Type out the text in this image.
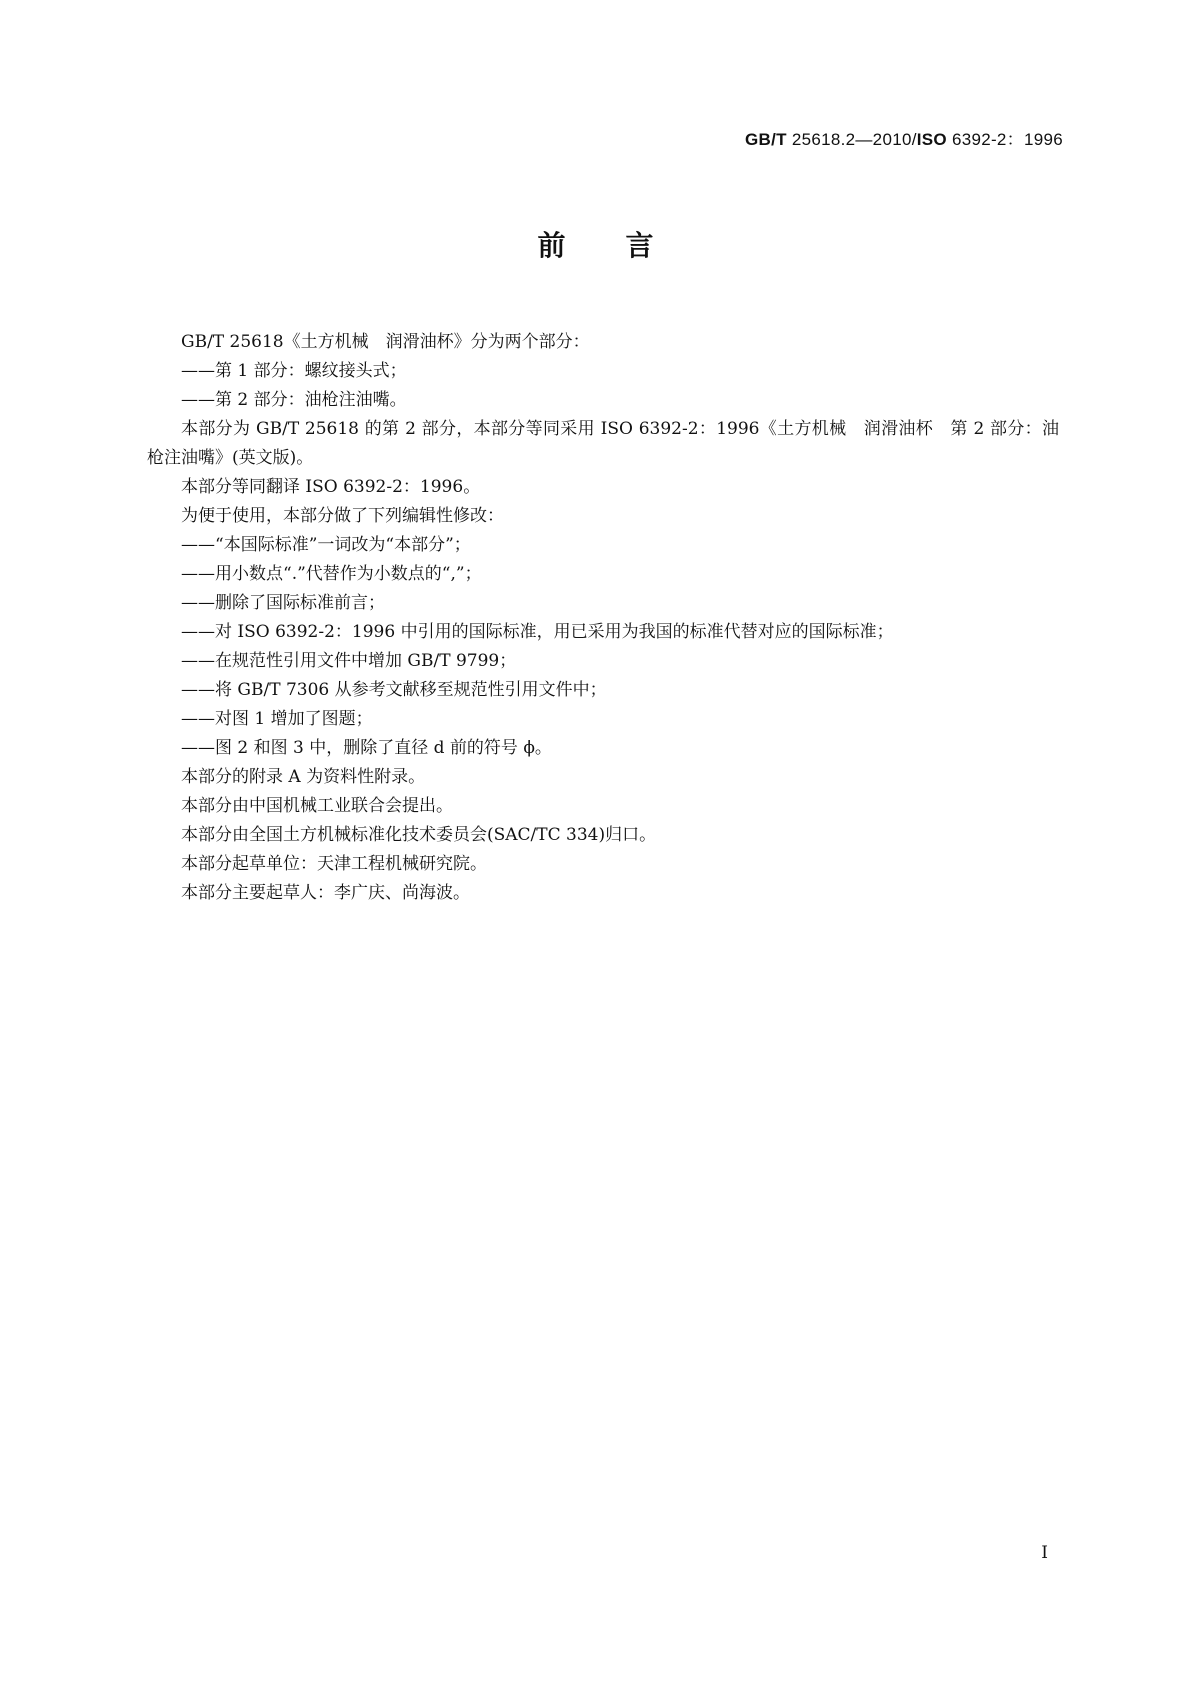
GB/T 25618.2—2010/ISO 6392-2：1996
前言

GB/T 25618《土方机械　润滑油杯》分为两个部分：

——第 1 部分：螺纹接头式；

——第 2 部分：油枪注油嘴。

本部分为 GB/T 25618 的第 2 部分，本部分等同采用 ISO 6392-2：1996《土方机械　润滑油杯　第 2 部分：油枪注油嘴》(英文版)。

本部分等同翻译 ISO 6392-2：1996。

为便于使用，本部分做了下列编辑性修改：

——“本国际标准”一词改为“本部分”；

——用小数点“.”代替作为小数点的“,”；

——删除了国际标准前言；

——对 ISO 6392-2：1996 中引用的国际标准，用已采用为我国的标准代替对应的国际标准；

——在规范性引用文件中增加 GB/T 9799；

——将 GB/T 7306 从参考文献移至规范性引用文件中；

——对图 1 增加了图题；

——图 2 和图 3 中，删除了直径 d 前的符号 ϕ。

本部分的附录 A 为资料性附录。

本部分由中国机械工业联合会提出。

本部分由全国土方机械标准化技术委员会(SAC/TC 334)归口。

本部分起草单位：天津工程机械研究院。

本部分主要起草人：李广庆、尚海波。

I
